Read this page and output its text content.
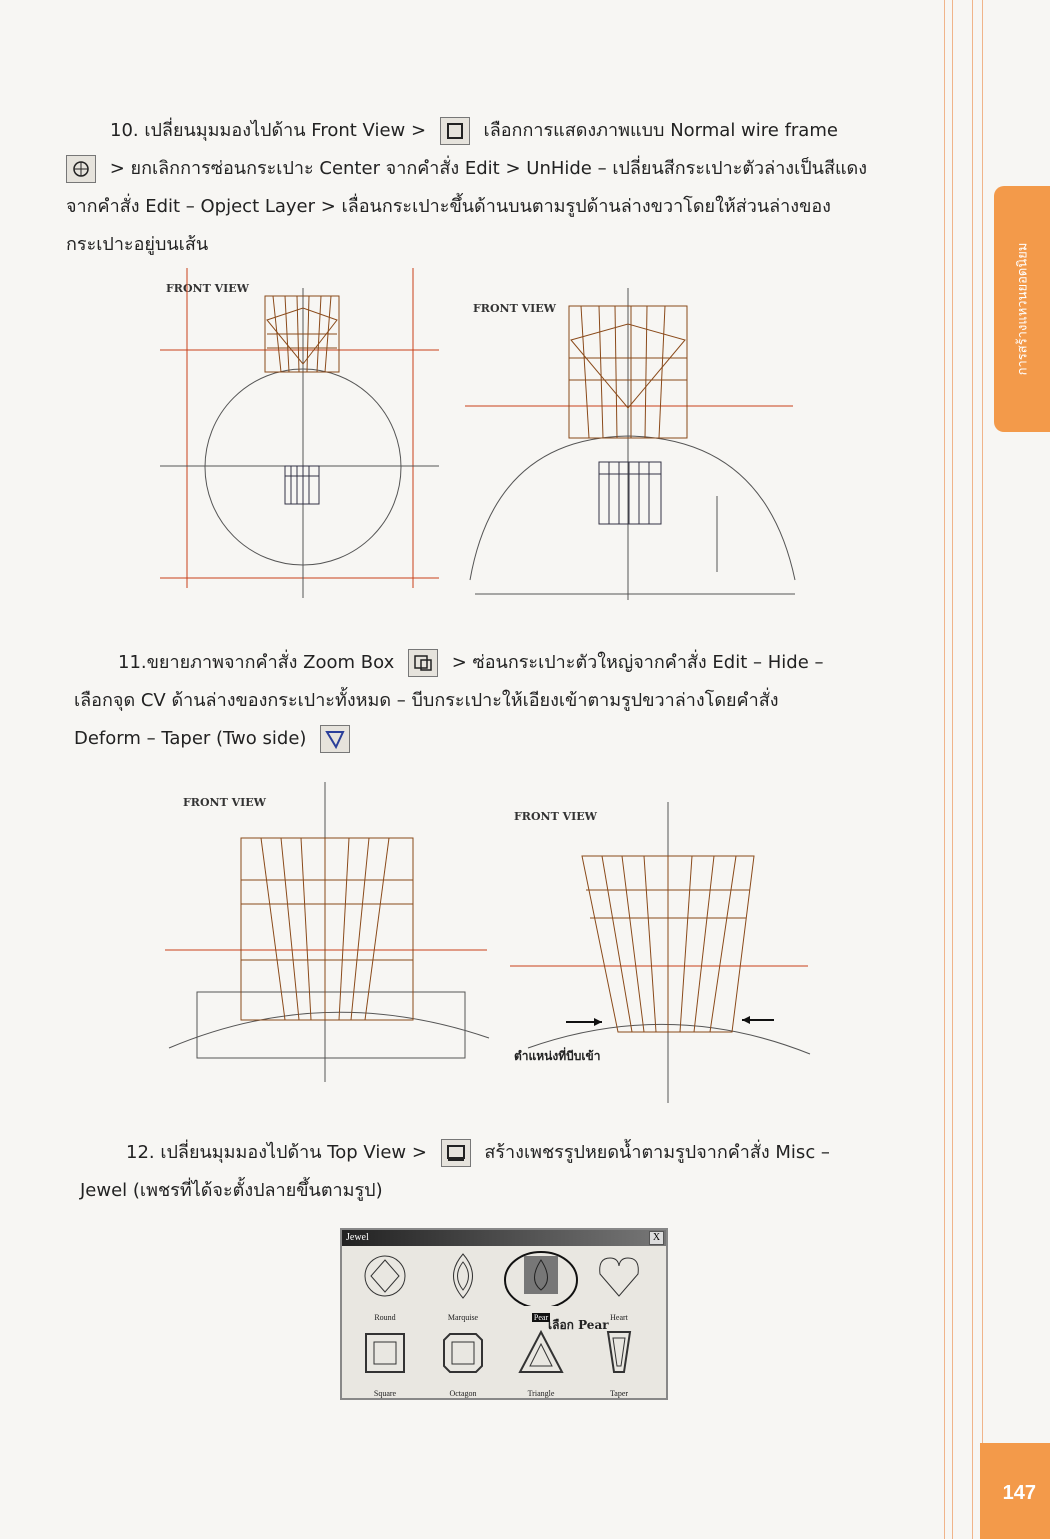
การสร้างแหวนยอดนิยม
147
10. เปลี่ยนมุมมองไปด้าน Front View >	เลือกการแสดงภาพแบบ Normal wire frame
> ยกเลิกการซ่อนกระเปาะ Center จากคำสั่ง Edit > UnHide – เปลี่ยนสีกระเปาะตัวล่างเป็นสีแดง
จากคำสั่ง Edit – Opject Layer > เลื่อนกระเปาะขึ้นด้านบนตามรูปด้านล่างขวาโดยให้ส่วนล่างของ
กระเปาะอยู่บนเส้น
FRONT VIEW
FRONT VIEW
11.ขยายภาพจากคำสั่ง Zoom Box	> ซ่อนกระเปาะตัวใหญ่จากคำสั่ง Edit – Hide –
เลือกจุด CV ด้านล่างของกระเปาะทั้งหมด – บีบกระเปาะให้เอียงเข้าตามรูปขวาล่างโดยคำสั่ง
Deform – Taper (Two side)
FRONT VIEW
FRONT VIEW
ตำแหน่งที่บีบเข้า
12. เปลี่ยนมุมมองไปด้าน Top View >	สร้างเพชรรูปหยดน้ำตามรูปจากคำสั่ง Misc –
Jewel (เพชรที่ได้จะตั้งปลายขึ้นตามรูป)
Jewel	X
Round	Marquise	Pear	Heart
เลือก Pear
Square	Octagon	Triangle	Taper
